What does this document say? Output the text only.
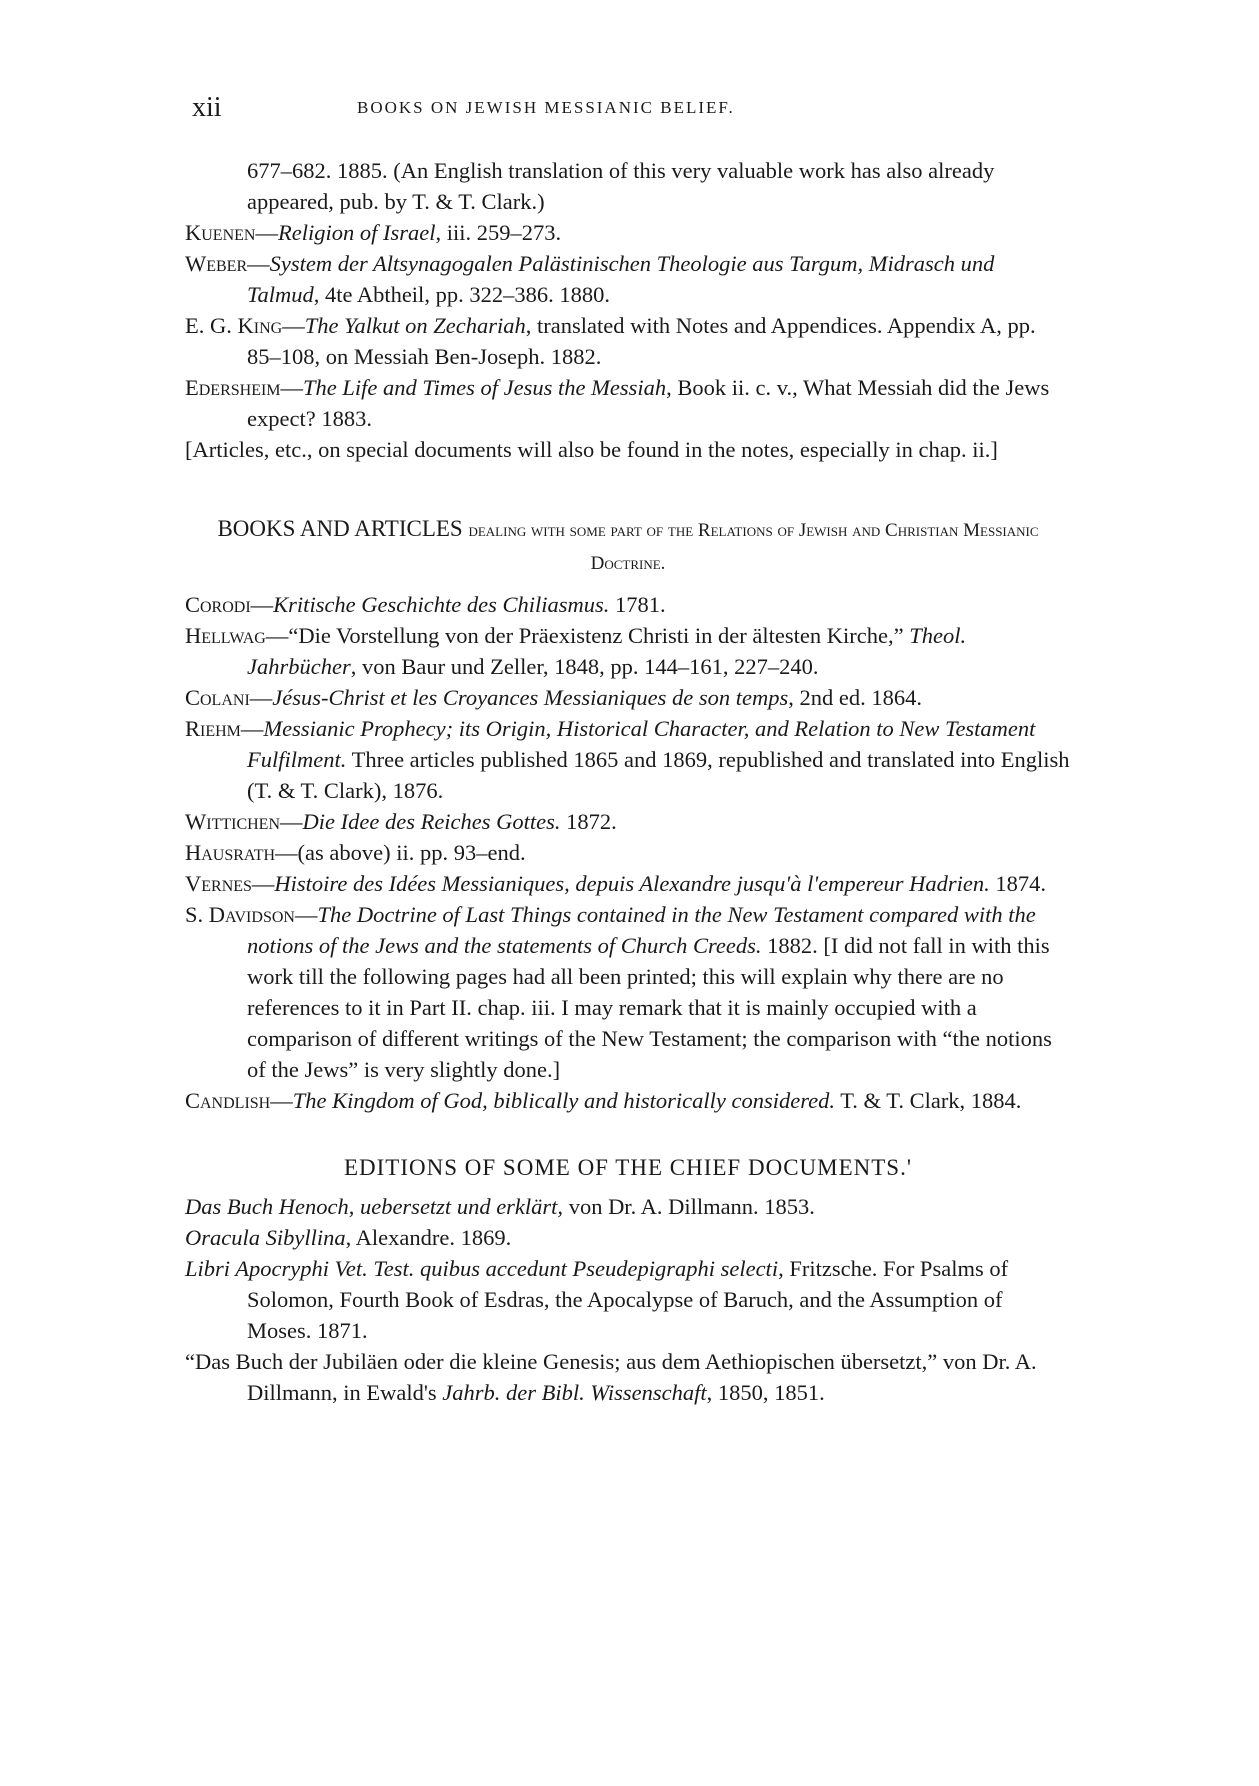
xii	BOOKS ON JEWISH MESSIANIC BELIEF.

677–682. 1885. (An English translation of this very valuable work has also already appeared, pub. by T. & T. Clark.)

Kuenen—Religion of Israel, iii. 259–273.

Weber—System der Altsynagogalen Palästinischen Theologie aus Targum, Midrasch und Talmud, 4te Abtheil, pp. 322–386. 1880.

E. G. King—The Yalkut on Zechariah, translated with Notes and Appendices. Appendix A, pp. 85–108, on Messiah Ben-Joseph. 1882.

Edersheim—The Life and Times of Jesus the Messiah, Book ii. c. v., What Messiah did the Jews expect? 1883.

[Articles, etc., on special documents will also be found in the notes, especially in chap. ii.]

BOOKS AND ARTICLES dealing with some part of the Relations of Jewish and Christian Messianic Doctrine.

Corodi—Kritische Geschichte des Chiliasmus. 1781.

Hellwag—“Die Vorstellung von der Präexistenz Christi in der ältesten Kirche,” Theol. Jahrbücher, von Baur und Zeller, 1848, pp. 144–161, 227–240.

Colani—Jésus-Christ et les Croyances Messianiques de son temps, 2nd ed. 1864.

Riehm—Messianic Prophecy; its Origin, Historical Character, and Relation to New Testament Fulfilment. Three articles published 1865 and 1869, republished and translated into English (T. & T. Clark), 1876.

Wittichen—Die Idee des Reiches Gottes. 1872.

Hausrath—(as above) ii. pp. 93–end.

Vernes—Histoire des Idées Messianiques, depuis Alexandre jusqu'à l'empereur Hadrien. 1874.

S. Davidson—The Doctrine of Last Things contained in the New Testament compared with the notions of the Jews and the statements of Church Creeds. 1882. [I did not fall in with this work till the following pages had all been printed; this will explain why there are no references to it in Part II. chap. iii. I may remark that it is mainly occupied with a comparison of different writings of the New Testament; the comparison with “the notions of the Jews” is very slightly done.]

Candlish—The Kingdom of God, biblically and historically considered. T. & T. Clark, 1884.

EDITIONS OF SOME OF THE CHIEF DOCUMENTS.'

Das Buch Henoch, uebersetzt und erklärt, von Dr. A. Dillmann. 1853.

Oracula Sibyllina, Alexandre. 1869.

Libri Apocryphi Vet. Test. quibus accedunt Pseudepigraphi selecti, Fritzsche. For Psalms of Solomon, Fourth Book of Esdras, the Apocalypse of Baruch, and the Assumption of Moses. 1871.

“Das Buch der Jubiläen oder die kleine Genesis; aus dem Aethiopischen übersetzt,” von Dr. A. Dillmann, in Ewald's Jahrb. der Bibl. Wissenschaft, 1850, 1851.
